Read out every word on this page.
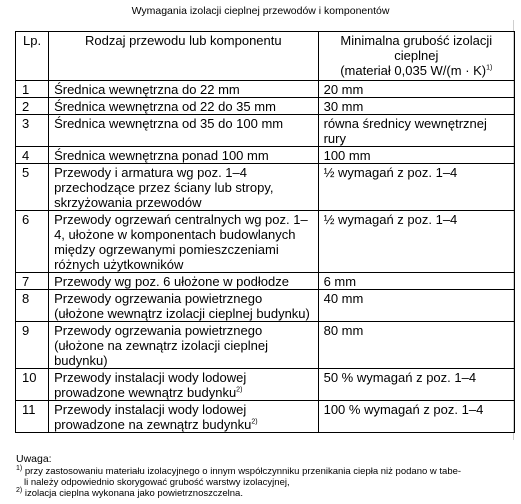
Wymagania izolacji cieplnej przewodów i komponentów
Lp.	Rodzaj przewodu lub komponentu	Minimalna grubość izolacji cieplnej
(materiał 0,035 $W/(m \cdot K)^{1)}$
1	Średnica wewnętrzna do 22 mm	20 mm
2	Średnica wewnętrzna od 22 do 35 mm	30 mm
3	Średnica wewnętrzna od 35 do 100 mm	równa średnicy wewnętrznej rury
4	Średnica wewnętrzna ponad 100 mm	100 mm
5	Przewody i armatura wg poz. 1–4 przechodzące przez ściany lub stropy, skrzyżowania przewodów	½ wymagań z poz. 1–4
6	Przewody ogrzewań centralnych wg poz. 1–4, ułożone w komponentach budowlanych między ogrzewanymi pomieszczeniami różnych użytkowników	½ wymagań z poz. 1–4
7	Przewody wg poz. 6 ułożone w podłodze	6 mm
8	Przewody ogrzewania powietrznego (ułożone wewnątrz izolacji cieplnej budynku)	40 mm
9	Przewody ogrzewania powietrznego (ułożone na zewnątrz izolacji cieplnej budynku)	80 mm
10	Przewody instalacji wody lodowej prowadzone wewnątrz budynku$^{2)}$	50 % wymagań z poz. 1–4
11	Przewody instalacji wody lodowej prowadzone na zewnątrz budynku$^{2)}$	100 % wymagań z poz. 1–4
Uwaga:
$^{1)}$ przy zastosowaniu materiału izolacyjnego o innym współczynniku przenikania ciepła niż podano w tabe-
li należy odpowiednio skorygować grubość warstwy izolacyjnej,
$^{2)}$ izolacja cieplna wykonana jako powietrznoszczelna.
